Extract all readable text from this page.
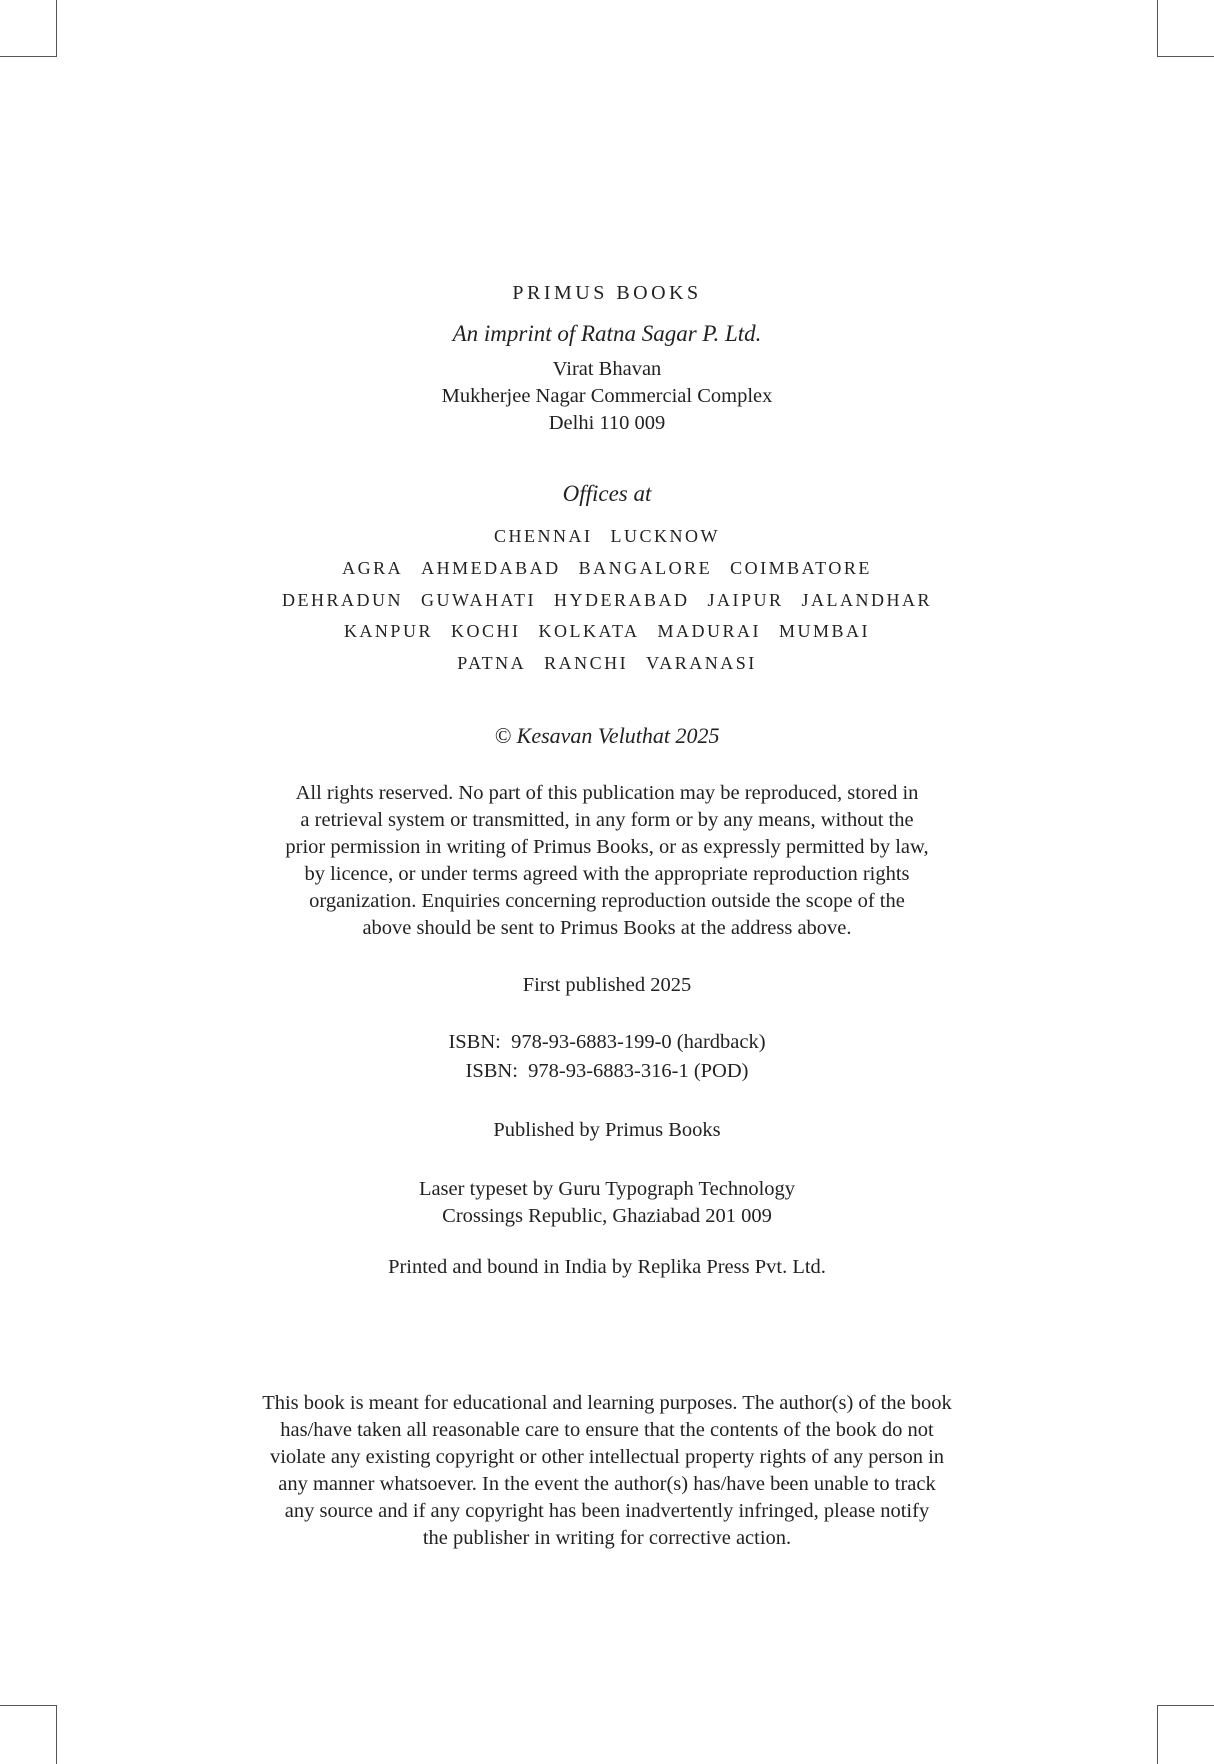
PRIMUS BOOKS
An imprint of Ratna Sagar P. Ltd.
Virat Bhavan
Mukherjee Nagar Commercial Complex
Delhi 110 009
Offices at
CHENNAI LUCKNOW
AGRA AHMEDABAD BANGALORE COIMBATORE
DEHRADUN GUWAHATI HYDERABAD JAIPUR JALANDHAR
KANPUR KOCHI KOLKATA MADURAI MUMBAI
PATNA RANCHI VARANASI
© Kesavan Veluthat 2025
All rights reserved. No part of this publication may be reproduced, stored in
a retrieval system or transmitted, in any form or by any means, without the
prior permission in writing of Primus Books, or as expressly permitted by law,
by licence, or under terms agreed with the appropriate reproduction rights
organization. Enquiries concerning reproduction outside the scope of the
above should be sent to Primus Books at the address above.
First published 2025
ISBN:  978-93-6883-199-0 (hardback)
ISBN:  978-93-6883-316-1 (POD)
Published by Primus Books
Laser typeset by Guru Typograph Technology
Crossings Republic, Ghaziabad 201 009
Printed and bound in India by Replika Press Pvt. Ltd.
This book is meant for educational and learning purposes. The author(s) of the book
has/have taken all reasonable care to ensure that the contents of the book do not
violate any existing copyright or other intellectual property rights of any person in
any manner whatsoever. In the event the author(s) has/have been unable to track
any source and if any copyright has been inadvertently infringed, please notify
the publisher in writing for corrective action.
